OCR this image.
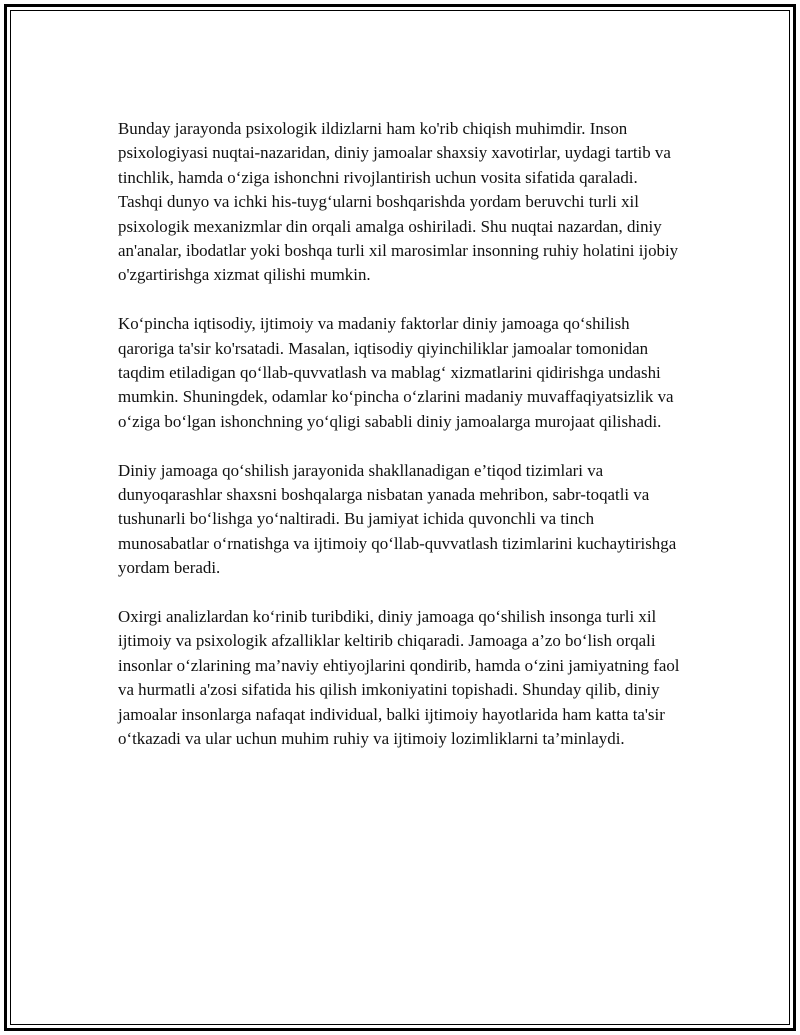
Bunday jarayonda psixologik ildizlarni ham ko'rib chiqish muhimdir. Inson psixologiyasi nuqtai-nazaridan, diniy jamoalar shaxsiy xavotirlar, uydagi tartib va tinchlik, hamda o‘ziga ishonchni rivojlantirish uchun vosita sifatida qaraladi. Tashqi dunyo va ichki his-tuyg‘ularni boshqarishda yordam beruvchi turli xil psixologik mexanizmlar din orqali amalga oshiriladi. Shu nuqtai nazardan, diniy an'analar, ibodatlar yoki boshqa turli xil marosimlar insonning ruhiy holatini ijobiy o'zgartirishga xizmat qilishi mumkin.

Ko‘pincha iqtisodiy, ijtimoiy va madaniy faktorlar diniy jamoaga qo‘shilish qaroriga ta'sir ko'rsatadi. Masalan, iqtisodiy qiyinchiliklar jamoalar tomonidan taqdim etiladigan qo‘llab-quvvatlash va mablag‘ xizmatlarini qidirishga undashi mumkin. Shuningdek, odamlar ko‘pincha o‘zlarini madaniy muvaffaqiyatsizlik va o‘ziga bo‘lgan ishonchning yo‘qligi sababli diniy jamoalarga murojaat qilishadi.

Diniy jamoaga qo‘shilish jarayonida shakllanadigan e’tiqod tizimlari va dunyoqarashlar shaxsni boshqalarga nisbatan yanada mehribon, sabr-toqatli va tushunarli bo‘lishga yo‘naltiradi. Bu jamiyat ichida quvonchli va tinch munosabatlar o‘rnatishga va ijtimoiy qo‘llab-quvvatlash tizimlarini kuchaytirishga yordam beradi.

Oxirgi analizlardan ko‘rinib turibdiki, diniy jamoaga qo‘shilish insonga turli xil ijtimoiy va psixologik afzalliklar keltirib chiqaradi. Jamoaga a’zo bo‘lish orqali insonlar o‘zlarining ma’naviy ehtiyojlarini qondirib, hamda o‘zini jamiyatning faol va hurmatli a'zosi sifatida his qilish imkoniyatini topishadi. Shunday qilib, diniy jamoalar insonlarga nafaqat individual, balki ijtimoiy hayotlarida ham katta ta'sir o‘tkazadi va ular uchun muhim ruhiy va ijtimoiy lozimliklarni ta’minlaydi.
